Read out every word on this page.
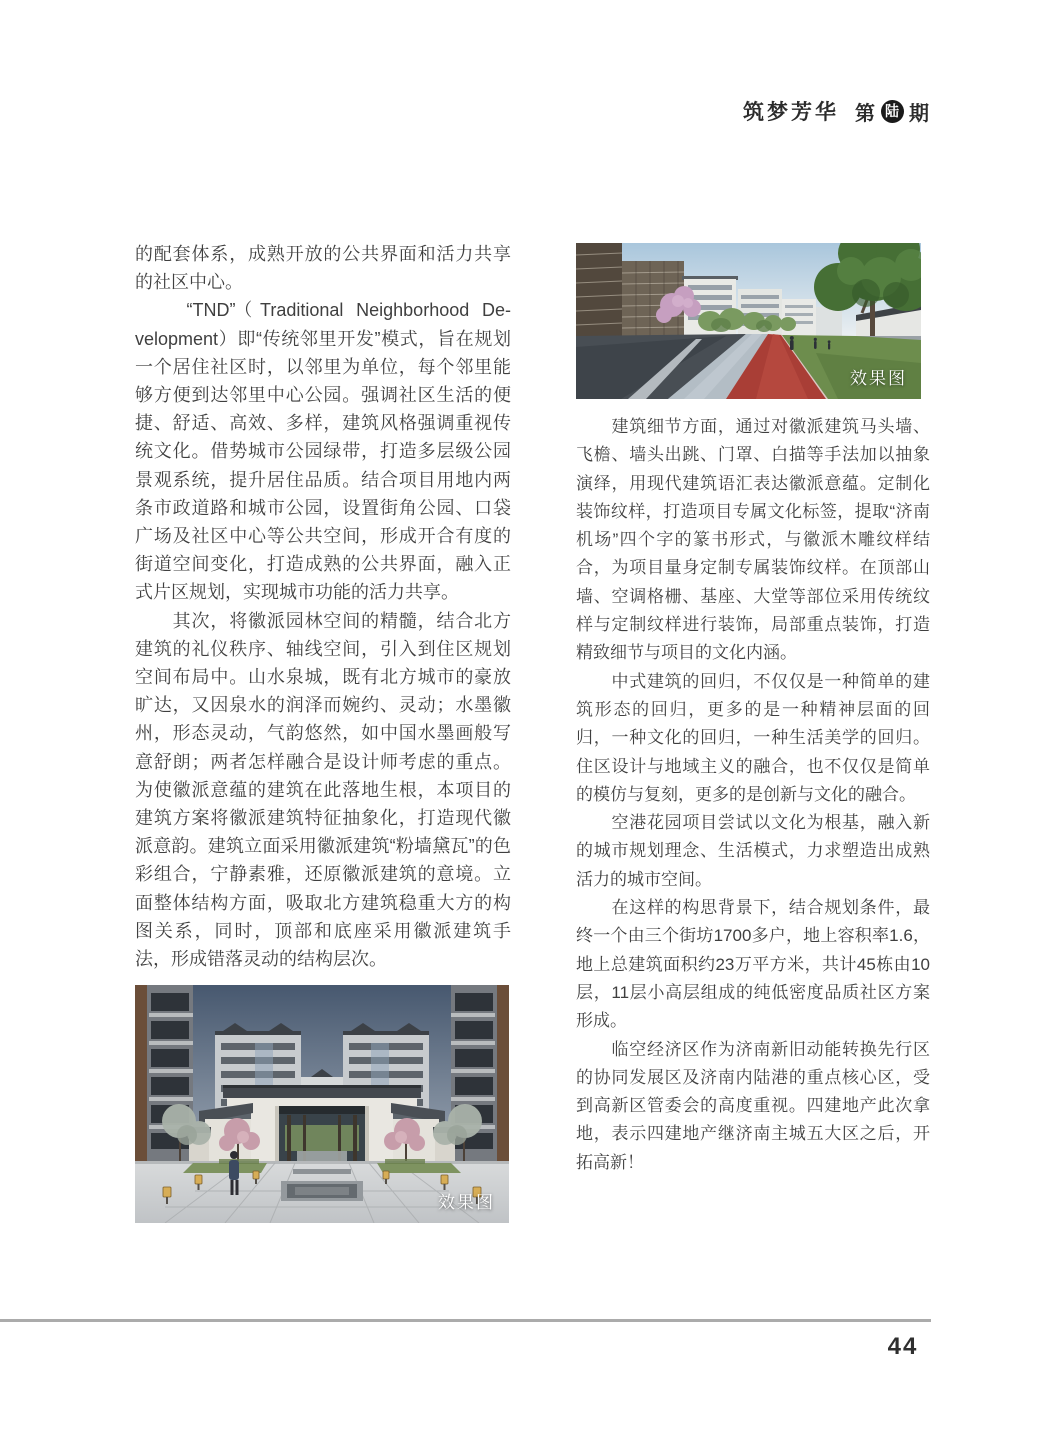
筑梦芳华 第 陆 期

的配套体系，成熟开放的公共界面和活力共享的社区中心。

　　“TND”（Traditional Neighborhood De-velopment）即“传统邻里开发”模式，旨在规划一个居住社区时，以邻里为单位，每个邻里能够方便到达邻里中心公园。强调社区生活的便捷、舒适、高效、多样，建筑风格强调重视传统文化。借势城市公园绿带，打造多层级公园景观系统，提升居住品质。结合项目用地内两条市政道路和城市公园，设置街角公园、口袋广场及社区中心等公共空间，形成开合有度的街道空间变化，打造成熟的公共界面，融入正式片区规划，实现城市功能的活力共享。

　　其次，将徽派园林空间的精髓，结合北方建筑的礼仪秩序、轴线空间，引入到住区规划空间布局中。山水泉城，既有北方城市的豪放旷达，又因泉水的润泽而婉约、灵动；水墨徽州，形态灵动，气韵悠然，如中国水墨画般写意舒朗；两者怎样融合是设计师考虑的重点。为使徽派意蕴的建筑在此落地生根，本项目的建筑方案将徽派建筑特征抽象化，打造现代徽派意韵。建筑立面采用徽派建筑“粉墙黛瓦”的色彩组合，宁静素雅，还原徽派建筑的意境。立面整体结构方面，吸取北方建筑稳重大方的构图关系，同时，顶部和底座采用徽派建筑手法，形成错落灵动的结构层次。

　　建筑细节方面，通过对徽派建筑马头墙、飞檐、墙头出跳、门罩、白描等手法加以抽象演绎，用现代建筑语汇表达徽派意蕴。定制化装饰纹样，打造项目专属文化标签，提取“济南机场”四个字的篆书形式，与徽派木雕纹样结合，为项目量身定制专属装饰纹样。在顶部山墙、空调格栅、基座、大堂等部位采用传统纹样与定制纹样进行装饰，局部重点装饰，打造精致细节与项目的文化内涵。

　　中式建筑的回归，不仅仅是一种简单的建筑形态的回归，更多的是一种精神层面的回归，一种文化的回归，一种生活美学的回归。住区设计与地域主义的融合，也不仅仅是简单的模仿与复刻，更多的是创新与文化的融合。

　　空港花园项目尝试以文化为根基，融入新的城市规划理念、生活模式，力求塑造出成熟活力的城市空间。

　　在这样的构思背景下，结合规划条件，最终一个由三个街坊1700多户，地上容积率1.6，地上总建筑面积约23万平方米，共计45栋由10层，11层小高层组成的纯低密度品质社区方案形成。

　　临空经济区作为济南新旧动能转换先行区的协同发展区及济南内陆港的重点核心区，受到高新区管委会的高度重视。四建地产此次拿地，表示四建地产继济南主城五大区之后，开拓高新！

效果图
效果图
44
